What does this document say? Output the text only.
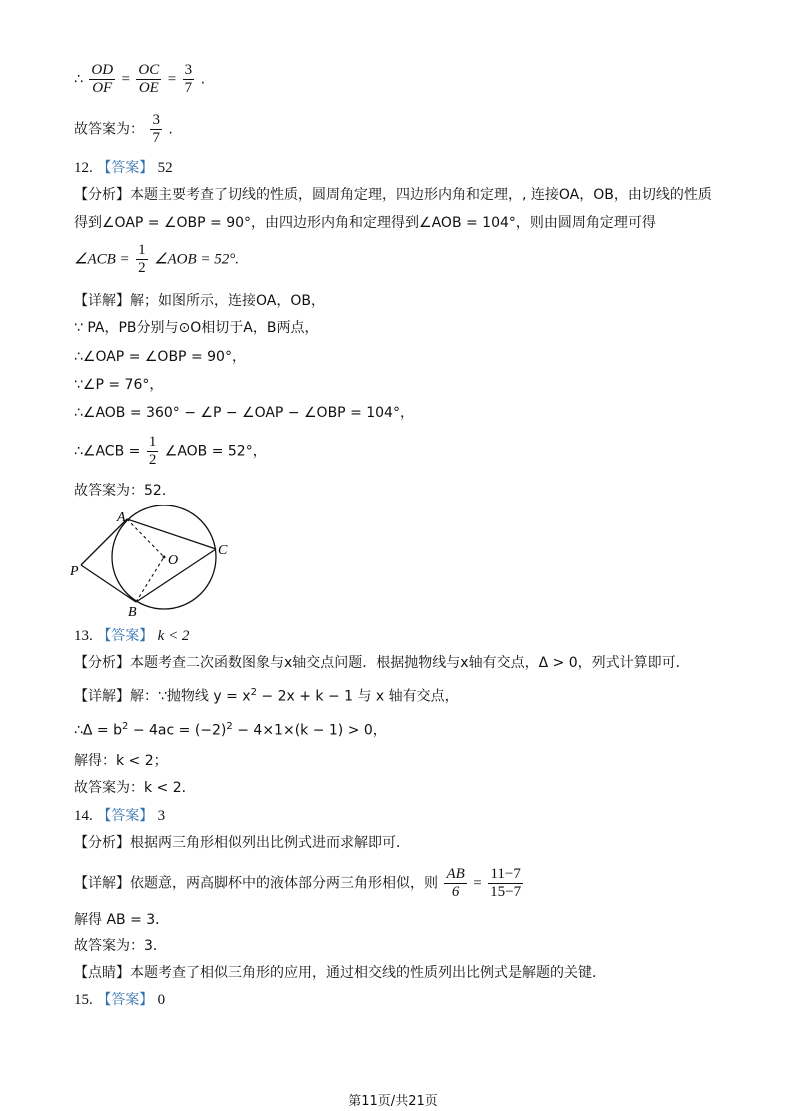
∴ $\frac{OD}{OF} = \frac{OC}{OE} = \frac{3}{7}$ .
故答案为： $\frac{3}{7}$ .
12. 【答案】 52
【分析】本题主要考查了切线的性质，圆周角定理，四边形内角和定理，, 连接OA，OB，由切线的性质
得到∠OAP = ∠OBP = 90°，由四边形内角和定理得到∠AOB = 104°，则由圆周角定理可得
∠ACB = $\frac{1}{2}$ ∠AOB = 52°.
【详解】解；如图所示，连接OA，OB，
∵ PA，PB分别与⊙O相切于A，B两点，
∴∠OAP = ∠OBP = 90°，
∵∠P = 76°，
∴∠AOB = 360° − ∠P − ∠OAP − ∠OBP = 104°，
∴∠ACB = $\frac{1}{2}$ ∠AOB = 52°，
故答案为：52．
A
B
C
O
P
13. 【答案】 k < 2
【分析】本题考查二次函数图象与x轴交点问题．根据抛物线与x轴有交点，Δ > 0，列式计算即可．
【详解】解：∵抛物线 $y = x^2 - 2x + k - 1$ 与 x 轴有交点，
∴Δ = $b^2 - 4ac = (-2)^2 - 4\times 1\times(k - 1) > 0$，
解得：k < 2；
故答案为：k < 2．
14. 【答案】 3
【分析】根据两三角形相似列出比例式进而求解即可．
【详解】依题意，两高脚杯中的液体部分两三角形相似，则 $\frac{AB}{6} = \frac{11-7}{15-7}$
解得 AB = 3．
故答案为：3．
【点睛】本题考查了相似三角形的应用，通过相交线的性质列出比例式是解题的关键．
15. 【答案】 0
第11页/共21页
